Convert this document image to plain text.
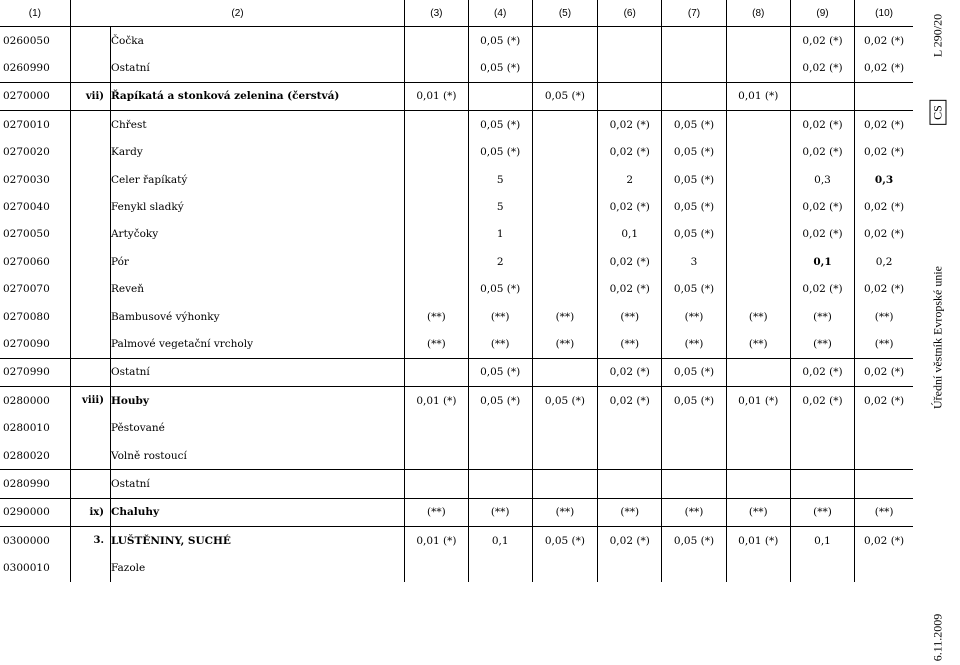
(1)	(2)		(3)	(4)	(5)	(6)	(7)	(8)	(9)	(10)
0260050		Čočka		0,05 (*)					0,02 (*)	0,02 (*)
0260990		Ostatní		0,05 (*)					0,02 (*)	0,02 (*)
0270000	vii)	Řapíkatá a stonková zelenina (čerstvá)	0,01 (*)		0,05 (*)			0,01 (*)		
0270010		Chřest		0,05 (*)		0,02 (*)	0,05 (*)		0,02 (*)	0,02 (*)
0270020		Kardy		0,05 (*)		0,02 (*)	0,05 (*)		0,02 (*)	0,02 (*)
0270030		Celer řapíkatý		5		2	0,05 (*)		0,3	0,3
0270040		Fenykl sladký		5		0,02 (*)	0,05 (*)		0,02 (*)	0,02 (*)
0270050		Artyčoky		1		0,1	0,05 (*)		0,02 (*)	0,02 (*)
0270060		Pór		2		0,02 (*)	3		0,1	0,2
0270070		Reveň		0,05 (*)		0,02 (*)	0,05 (*)		0,02 (*)	0,02 (*)
0270080		Bambusové výhonky	(**)	(**)	(**)	(**)	(**)	(**)	(**)	(**)
0270090		Palmové vegetační vrcholy	(**)	(**)	(**)	(**)	(**)	(**)	(**)	(**)
0270990		Ostatní		0,05 (*)		0,02 (*)	0,05 (*)		0,02 (*)	0,02 (*)
0280000	viii)	Houby	0,01 (*)	0,05 (*)	0,05 (*)	0,02 (*)	0,05 (*)	0,01 (*)	0,02 (*)	0,02 (*)
0280010		Pěstované								
0280020		Volně rostoucí								
0280990		Ostatní								
0290000	ix)	Chaluhy	(**)	(**)	(**)	(**)	(**)	(**)	(**)	(**)
0300000	3.	LUŠTĚNINY, SUCHÉ	0,01 (*)	0,1	0,05 (*)	0,02 (*)	0,05 (*)	0,01 (*)	0,1	0,02 (*)
0300010		Fazole								
L 290/20
CS
Úřední věstník Evropské unie
6.11.2009
